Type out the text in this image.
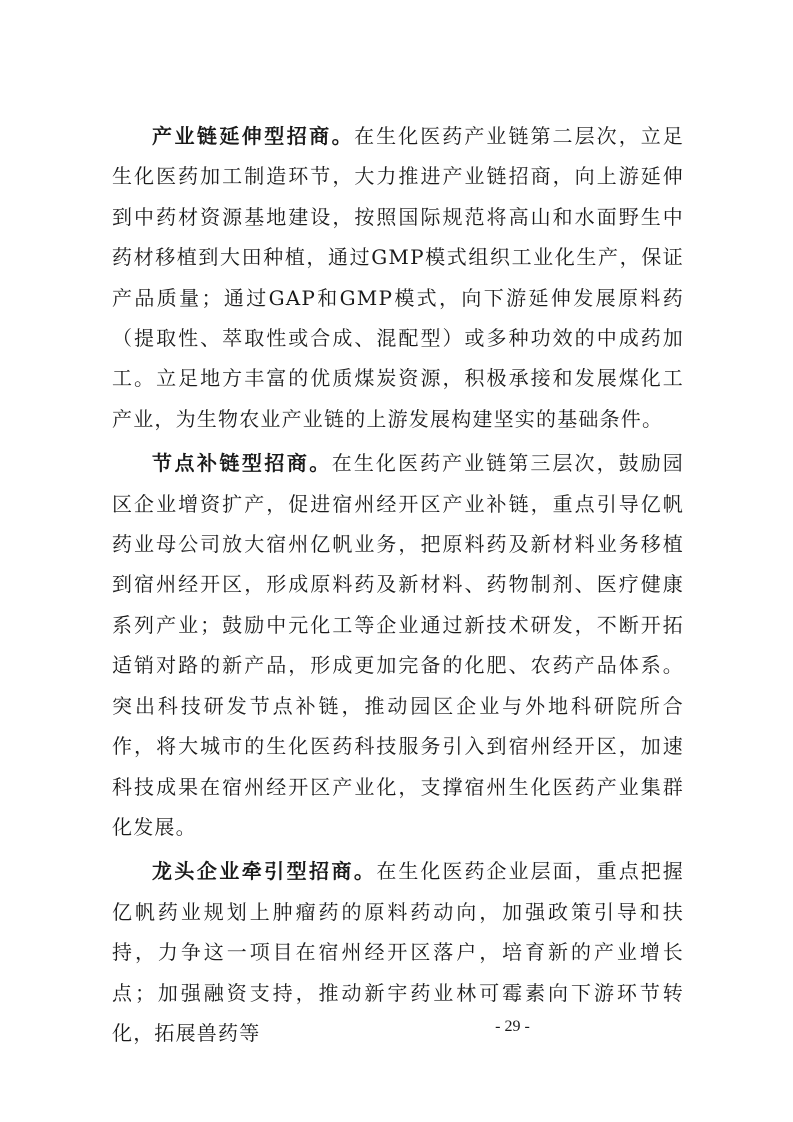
产业链延伸型招商。在生化医药产业链第二层次，立足生化医药加工制造环节，大力推进产业链招商，向上游延伸到中药材资源基地建设，按照国际规范将高山和水面野生中药材移植到大田种植，通过GMP模式组织工业化生产，保证产品质量；通过GAP和GMP模式，向下游延伸发展原料药（提取性、萃取性或合成、混配型）或多种功效的中成药加工。立足地方丰富的优质煤炭资源，积极承接和发展煤化工产业，为生物农业产业链的上游发展构建坚实的基础条件。

节点补链型招商。在生化医药产业链第三层次，鼓励园区企业增资扩产，促进宿州经开区产业补链，重点引导亿帆药业母公司放大宿州亿帆业务，把原料药及新材料业务移植到宿州经开区，形成原料药及新材料、药物制剂、医疗健康系列产业；鼓励中元化工等企业通过新技术研发，不断开拓适销对路的新产品，形成更加完备的化肥、农药产品体系。突出科技研发节点补链，推动园区企业与外地科研院所合作，将大城市的生化医药科技服务引入到宿州经开区，加速科技成果在宿州经开区产业化，支撑宿州生化医药产业集群化发展。

龙头企业牵引型招商。在生化医药企业层面，重点把握亿帆药业规划上肿瘤药的原料药动向，加强政策引导和扶持，力争这一项目在宿州经开区落户，培育新的产业增长点；加强融资支持，推动新宇药业林可霉素向下游环节转化，拓展兽药等	- 29 -
